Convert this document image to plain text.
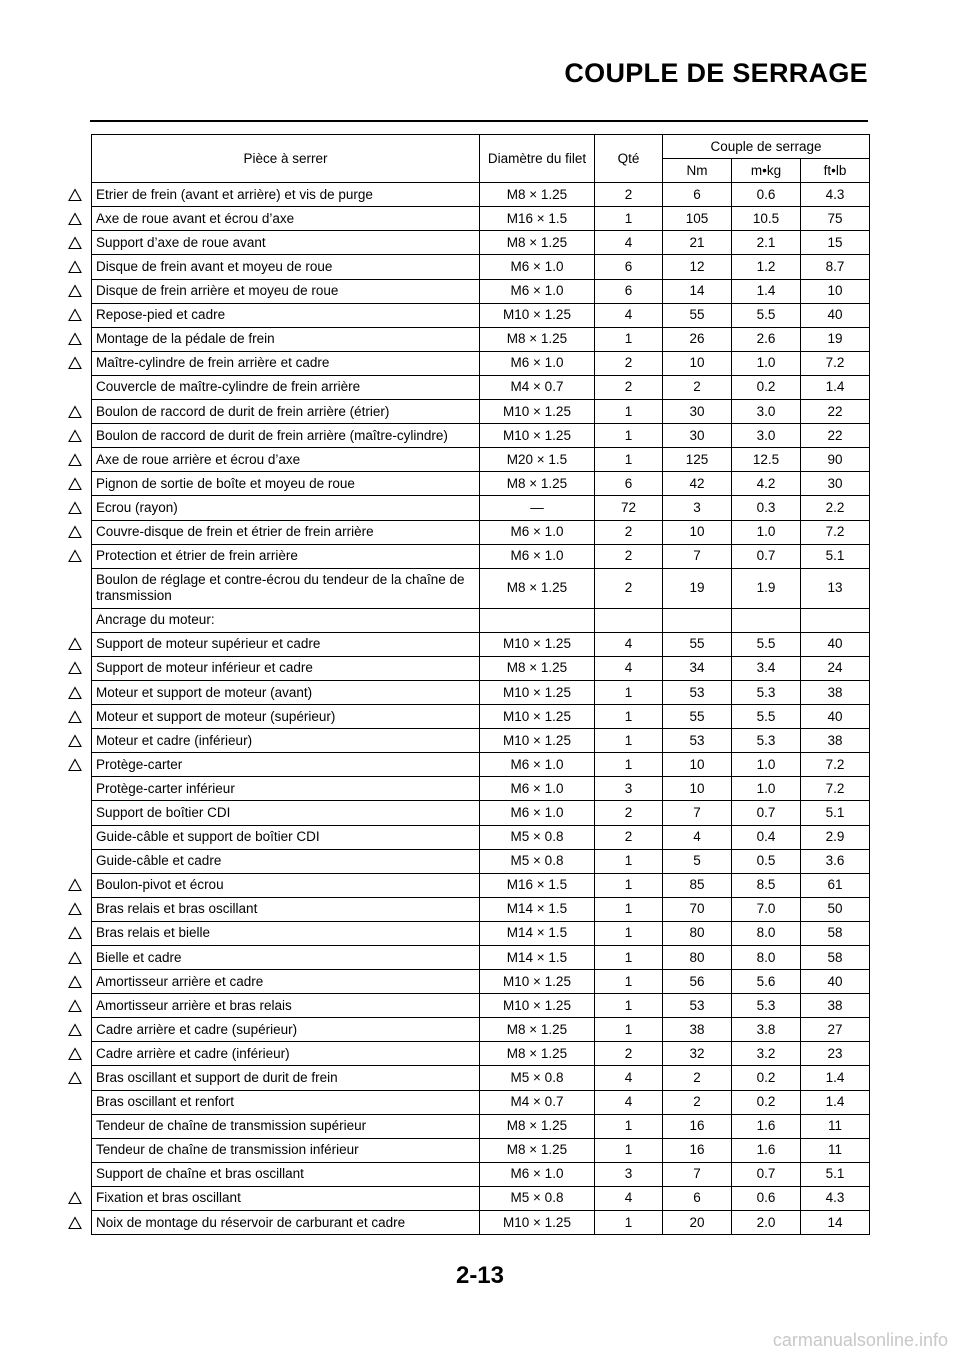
COUPLE DE SERRAGE
Pièce à serrer	Diamètre du filet	Qté	Couple de serrage		
			Nm	m•kg	ft•lb

Etrier de frein (avant et arrière) et vis de purge	M8 × 1.25	2	6	0.6	4.3

Axe de roue avant et écrou d’axe	M16 × 1.5	1	105	10.5	75

Support d’axe de roue avant	M8 × 1.25	4	21	2.1	15

Disque de frein avant et moyeu de roue	M6 × 1.0	6	12	1.2	8.7

Disque de frein arrière et moyeu de roue	M6 × 1.0	6	14	1.4	10

Repose-pied et cadre	M10 × 1.25	4	55	5.5	40

Montage de la pédale de frein	M8 × 1.25	1	26	2.6	19

Maître-cylindre de frein arrière et cadre	M6 × 1.0	2	10	1.0	7.2
Couvercle de maître-cylindre de frein arrière	M4 × 0.7	2	2	0.2	1.4

Boulon de raccord de durit de frein arrière (étrier)	M10 × 1.25	1	30	3.0	22

Boulon de raccord de durit de frein arrière (maître-cylindre)	M10 × 1.25	1	30	3.0	22

Axe de roue arrière et écrou d’axe	M20 × 1.5	1	125	12.5	90

Pignon de sortie de boîte et moyeu de roue	M8 × 1.25	6	42	4.2	30

Ecrou (rayon)	—	72	3	0.3	2.2

Couvre-disque de frein et étrier de frein arrière	M6 × 1.0	2	10	1.0	7.2

Protection et étrier de frein arrière	M6 × 1.0	2	7	0.7	5.1
Boulon de réglage et contre-écrou du tendeur de la chaîne de transmission	M8 × 1.25	2	19	1.9	13
Ancrage du moteur:					

Support de moteur supérieur et cadre	M10 × 1.25	4	55	5.5	40

Support de moteur inférieur et cadre	M8 × 1.25	4	34	3.4	24

Moteur et support de moteur (avant)	M10 × 1.25	1	53	5.3	38

Moteur et support de moteur (supérieur)	M10 × 1.25	1	55	5.5	40

Moteur et cadre (inférieur)	M10 × 1.25	1	53	5.3	38

Protège-carter	M6 × 1.0	1	10	1.0	7.2
Protège-carter inférieur	M6 × 1.0	3	10	1.0	7.2
Support de boîtier CDI	M6 × 1.0	2	7	0.7	5.1
Guide-câble et support de boîtier CDI	M5 × 0.8	2	4	0.4	2.9
Guide-câble et cadre	M5 × 0.8	1	5	0.5	3.6

Boulon-pivot et écrou	M16 × 1.5	1	85	8.5	61

Bras relais et bras oscillant	M14 × 1.5	1	70	7.0	50

Bras relais et bielle	M14 × 1.5	1	80	8.0	58

Bielle et cadre	M14 × 1.5	1	80	8.0	58

Amortisseur arrière et cadre	M10 × 1.25	1	56	5.6	40

Amortisseur arrière et bras relais	M10 × 1.25	1	53	5.3	38

Cadre arrière et cadre (supérieur)	M8 × 1.25	1	38	3.8	27

Cadre arrière et cadre (inférieur)	M8 × 1.25	2	32	3.2	23

Bras oscillant et support de durit de frein	M5 × 0.8	4	2	0.2	1.4
Bras oscillant et renfort	M4 × 0.7	4	2	0.2	1.4
Tendeur de chaîne de transmission supérieur	M8 × 1.25	1	16	1.6	11
Tendeur de chaîne de transmission inférieur	M8 × 1.25	1	16	1.6	11
Support de chaîne et bras oscillant	M6 × 1.0	3	7	0.7	5.1

Fixation et bras oscillant	M5 × 0.8	4	6	0.6	4.3

Noix de montage du réservoir de carburant et cadre	M10 × 1.25	1	20	2.0	14
2-13
carmanualsonline.info
